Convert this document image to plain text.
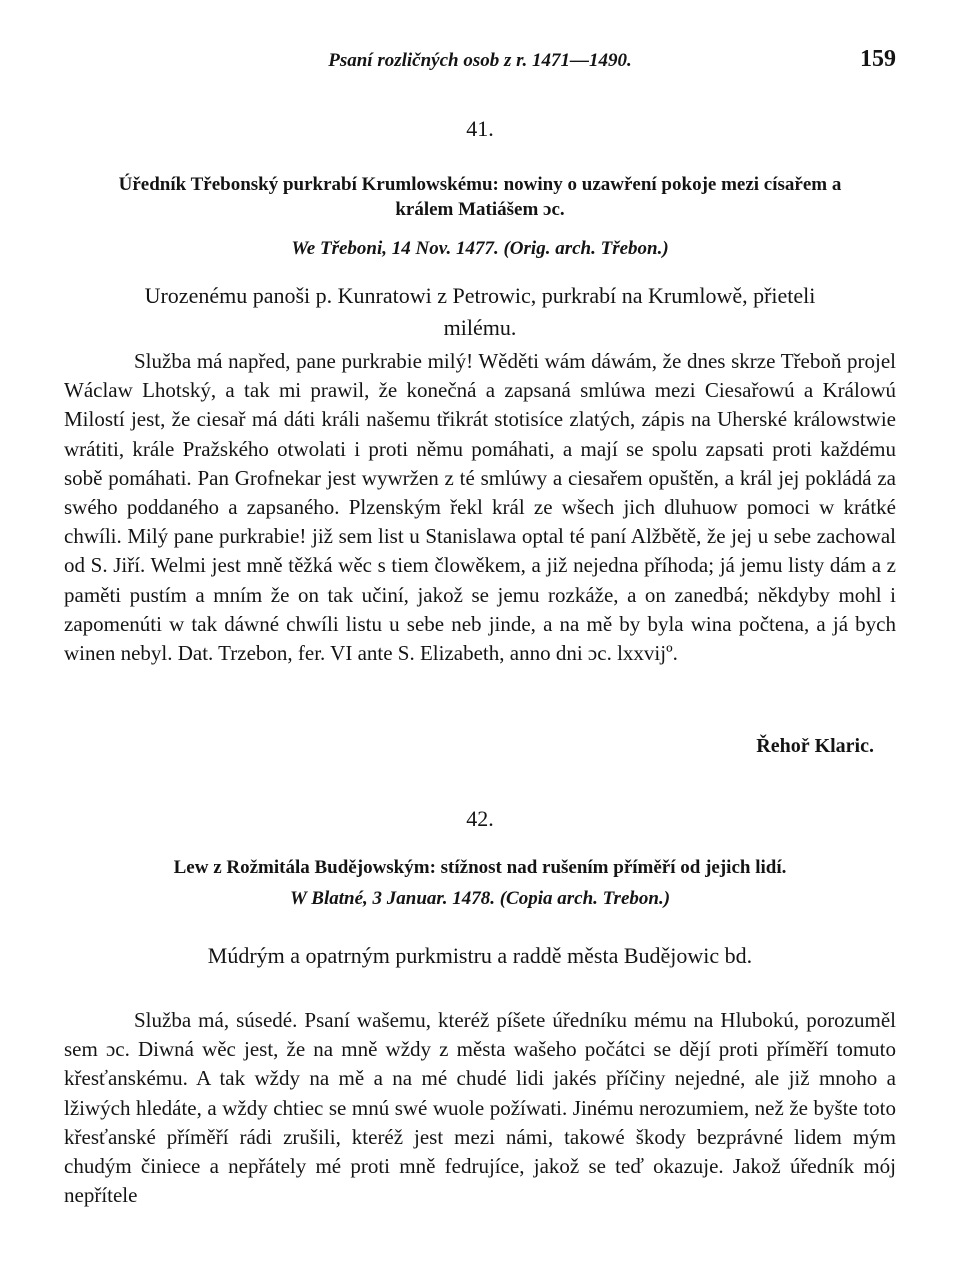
Psaní rozličných osob z r. 1471—1490.	159
41.
Úředník Třebonský purkrabí Krumlowskému: nowiny o uzawření pokoje mezi císařem a králem Matiášem ɔc.
We Třeboni, 14 Nov. 1477. (Orig. arch. Třebon.)
Urozenému panoši p. Kunratowi z Petrowic, purkrabí na Krumlowě, přieteli milému.
Služba má napřed, pane purkrabie milý! Wěděti wám dáwám, že dnes skrze Třeboň projel Wáclaw Lhotský, a tak mi prawil, že konečná a zapsaná smlúwa mezi Ciesařowú a Králowú Milostí jest, že ciesař má dáti králi našemu třikrát stotisíce zlatých, zápis na Uherské králowstwie wrátiti, krále Pražského otwolati i proti němu pomáhati, a mají se spolu zapsati proti každému sobě pomáhati. Pan Grofnekar jest wywržen z té smlúwy a ciesařem opuštěn, a král jej pokládá za swého poddaného a zapsaného. Plzenským řekl král ze wšech jich dluhuow pomoci w krátké chwíli. Milý pane purkrabie! již sem list u Stanislawa optal té paní Alžbětě, že jej u sebe zachowal od S. Jiří. Welmi jest mně těžká wěc s tiem člowěkem, a již nejedna příhoda; já jemu listy dám a z paměti pustím a mním že on tak učiní, jakož se jemu rozkáže, a on zanedbá; někdyby mohl i zapomenúti w tak dáwné chwíli listu u sebe neb jinde, a na mě by byla wina počtena, a já bych winen nebyl. Dat. Trzebon, fer. VI ante S. Elizabeth, anno dni ɔc. lxxvijº.
Řehoř Klaric.
42.
Lew z Rožmitála Budějowským: stížnost nad rušením příměří od jejich lidí.
W Blatné, 3 Januar. 1478. (Copia arch. Trebon.)
Múdrým a opatrným purkmistru a raddě města Budějowic bd.
Služba má, súsedé. Psaní wašemu, kteréž píšete úředníku mému na Hlubokú, porozuměl sem ɔc. Diwná wěc jest, že na mně wždy z města wašeho počátci se dějí proti příměří tomuto křesťanskému. A tak wždy na mě a na mé chudé lidi jakés příčiny nejedné, ale již mnoho a lžiwých hledáte, a wždy chtiec se mnú swé wuole požíwati. Jinému nerozumiem, než že byšte toto křesťanské příměří rádi zrušili, kteréž jest mezi námi, takowé škody bezprávné lidem mým chudým činiece a nepřátely mé proti mně fedrujíce, jakož se teď okazuje. Jakož úředník mój nepřítele
